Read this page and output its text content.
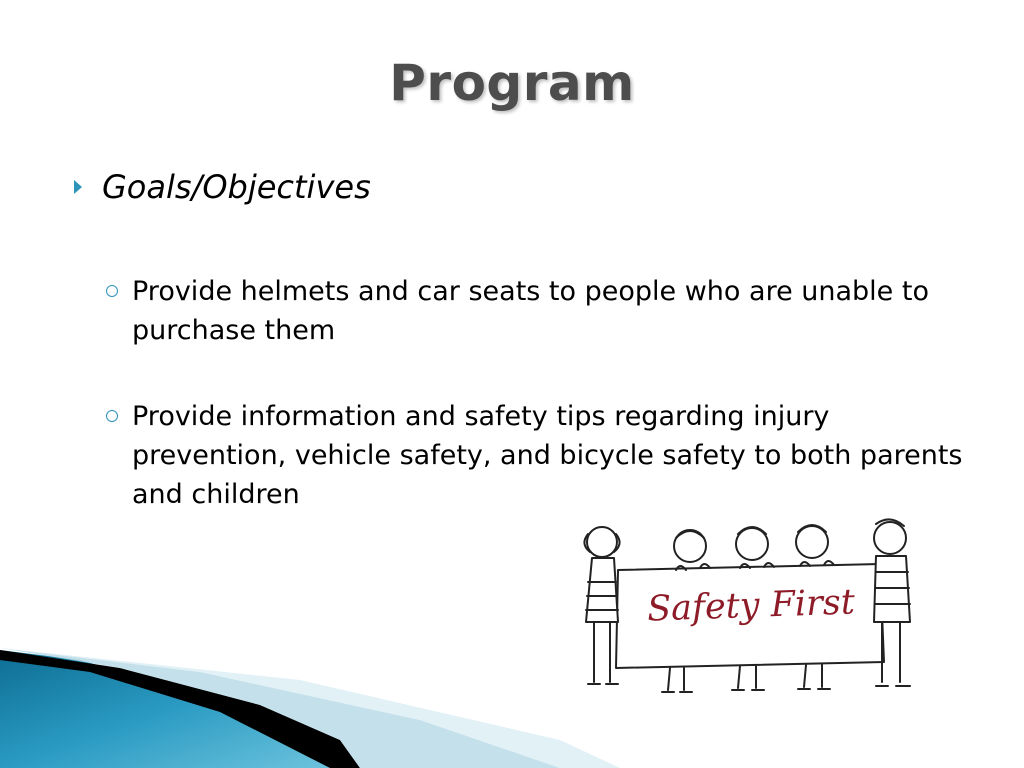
Program
Goals/Objectives
Provide helmets and car seats to people who are unable to purchase them
Provide information and safety tips regarding injury prevention, vehicle safety, and bicycle safety to both parents and children
Safety First
